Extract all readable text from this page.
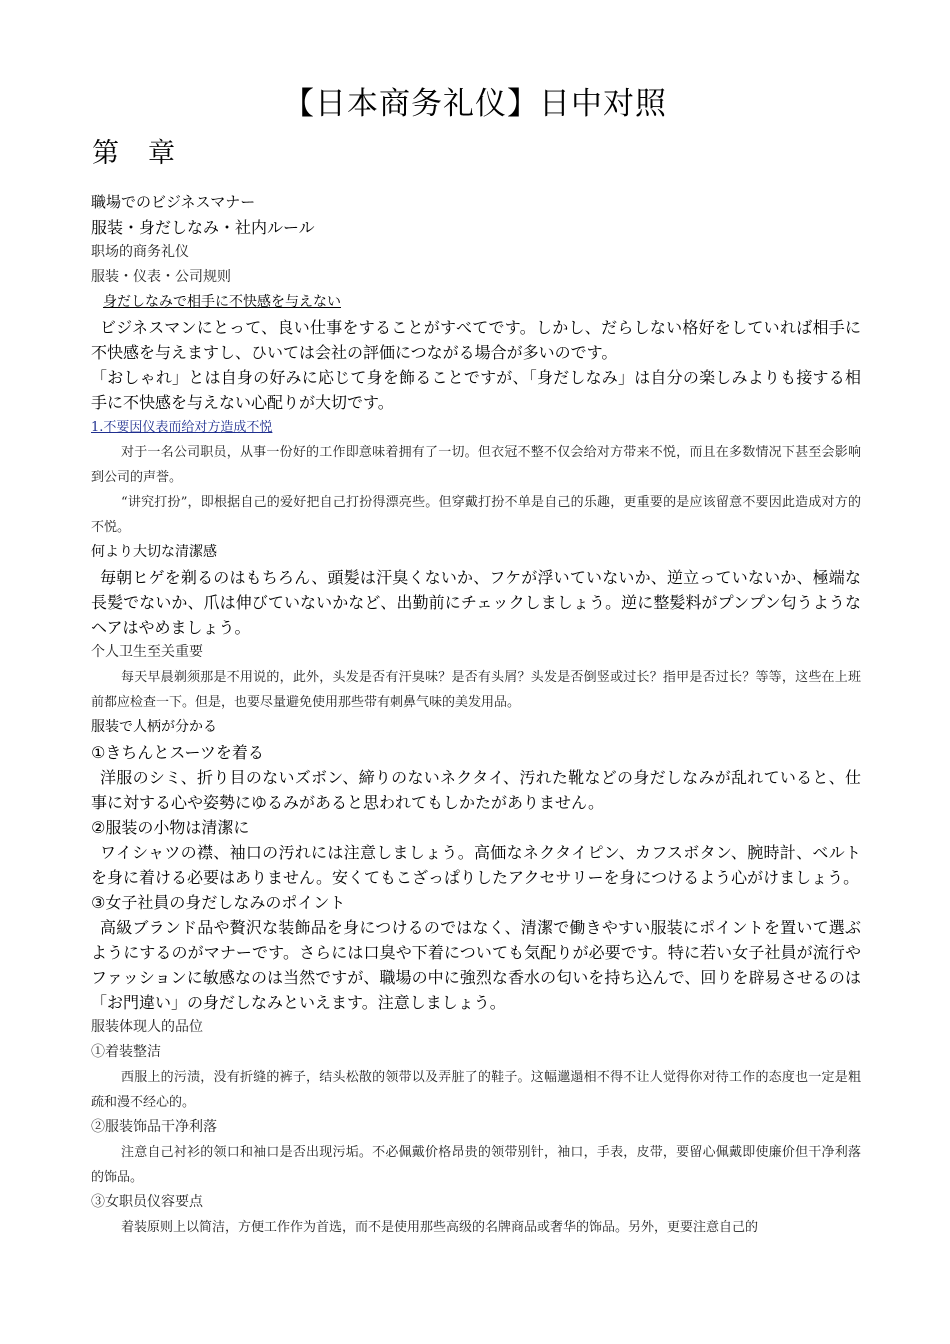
【日本商务礼仪】日中对照
第　章

職場でのビジネスマナー

服装・身だしなみ・社内ルール

职场的商务礼仪

服装・仪表・公司规则

身だしなみで相手に不快感を与えない

ビジネスマンにとって、良い仕事をすることがすべてです。しかし、だらしない格好をしていれば相手に不快感を与えますし、ひいては会社の評価につながる場合が多いのです。

「おしゃれ」とは自身の好みに応じて身を飾ることですが、「身だしなみ」は自分の楽しみよりも接する相手に不快感を与えない心配りが大切です。

1.不要因仪表而给对方造成不悦

对于一名公司职员，从事一份好的工作即意味着拥有了一切。但衣冠不整不仅会给对方带来不悦，而且在多数情况下甚至会影响到公司的声誉。

“讲究打扮”，即根据自己的爱好把自己打扮得漂亮些。但穿戴打扮不单是自己的乐趣，更重要的是应该留意不要因此造成对方的不悦。

何より大切な清潔感

毎朝ヒゲを剃るのはもちろん、頭髪は汗臭くないか、フケが浮いていないか、逆立っていないか、極端な長髪でないか、爪は伸びていないかなど、出勤前にチェックしましょう。逆に整髪料がプンプン匂うようなヘアはやめましょう。

个人卫生至关重要

每天早晨剃须那是不用说的，此外，头发是否有汗臭味？是否有头屑？头发是否倒竖或过长？指甲是否过长？等等，这些在上班前都应检查一下。但是，也要尽量避免使用那些带有刺鼻气味的美发用品。

服装で人柄が分かる

①きちんとスーツを着る

洋服のシミ、折り目のないズボン、締りのないネクタイ、汚れた靴などの身だしなみが乱れていると、仕事に対する心や姿勢にゆるみがあると思われてもしかたがありません。

②服装の小物は清潔に

ワイシャツの襟、袖口の汚れには注意しましょう。高価なネクタイピン、カフスボタン、腕時計、ベルトを身に着ける必要はありません。安くてもこざっぱりしたアクセサリーを身につけるよう心がけましょう。

③女子社員の身だしなみのポイント

高級ブランド品や贅沢な装飾品を身につけるのではなく、清潔で働きやすい服装にポイントを置いて選ぶようにするのがマナーです。さらには口臭や下着についても気配りが必要です。特に若い女子社員が流行やファッションに敏感なのは当然ですが、職場の中に強烈な香水の匂いを持ち込んで、回りを辟易させるのは「お門違い」の身だしなみといえます。注意しましょう。

服装体现人的品位

①着装整洁

西服上的污渍，没有折缝的裤子，结头松散的领带以及弄脏了的鞋子。这幅邋遢相不得不让人觉得你对待工作的态度也一定是粗疏和漫不经心的。

②服装饰品干净利落

注意自己衬衫的领口和袖口是否出现污垢。不必佩戴价格昂贵的领带别针，袖口，手表，皮带，要留心佩戴即使廉价但干净利落的饰品。

③女职员仪容要点

着装原则上以简洁，方便工作作为首选，而不是使用那些高级的名牌商品或奢华的饰品。另外，更要注意自己的
